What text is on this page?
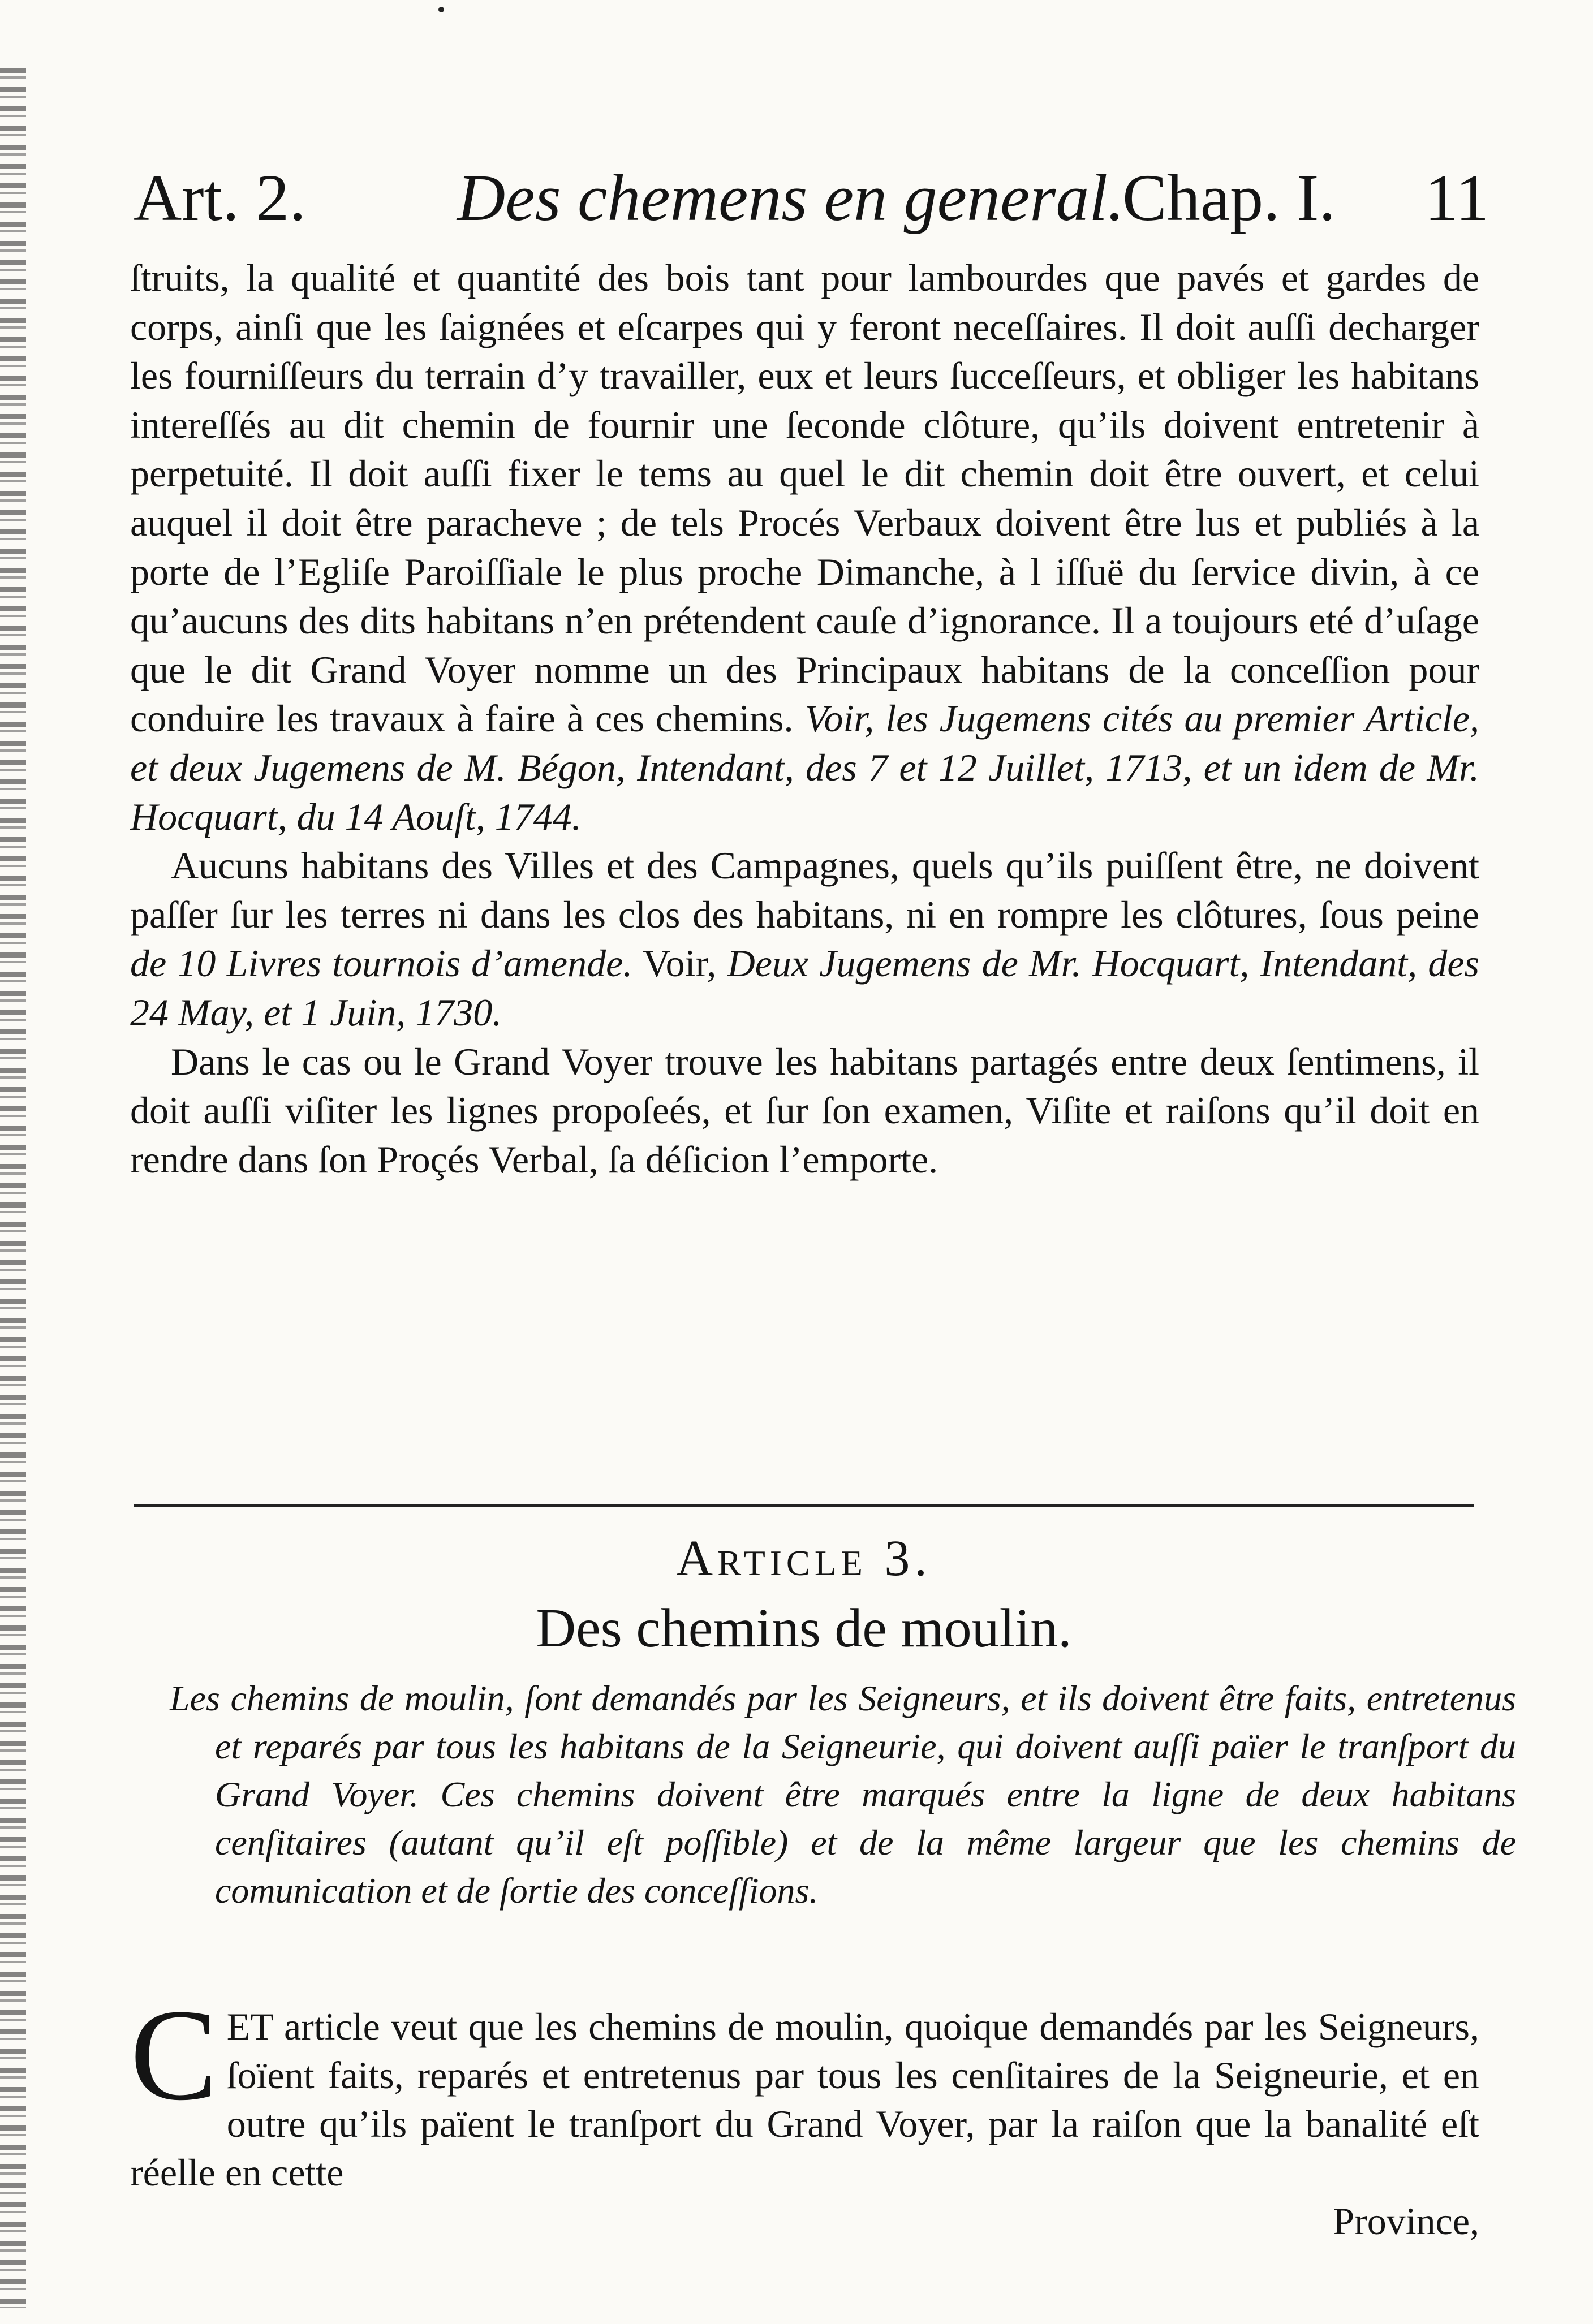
Art. 2. Des chemens en general.
Chap. I. 11

ſtruits, la qualité et quantité des bois tant pour lambourdes que pavés et gardes de corps, ainſi que les ſaignées et eſcarpes qui y feront neceſſaires. Il doit auſſi decharger les fourniſſeurs du terrain d’y travailler, eux et leurs ſucceſſeurs, et obliger les habitans intereſſés au dit chemin de fournir une ſeconde clôture, qu’ils doivent entretenir à perpetuité. Il doit auſſi fixer le tems au quel le dit chemin doit être ouvert, et celui auquel il doit être paracheve ; de tels Procés Verbaux doivent être lus et publiés à la porte de l’Egliſe Paroiſſiale le plus proche Dimanche, à l iſſuë du ſervice divin, à ce qu’aucuns des dits habitans n’en prétendent cauſe d’ignorance. Il a toujours eté d’uſage que le dit Grand Voyer nomme un des Principaux habitans de la conceſſion pour conduire les travaux à faire à ces chemins. Voir, les Jugemens cités au premier Article, et deux Jugemens de M. Bégon, Intendant, des 7 et 12 Juillet, 1713, et un idem de Mr. Hocquart, du 14 Aouſt, 1744.

Aucuns habitans des Villes et des Campagnes, quels qu’ils puiſſent être, ne doivent paſſer ſur les terres ni dans les clos des habitans, ni en rompre les clôtures, ſous peine de 10 Livres tournois d’amende. Voir, Deux Jugemens de Mr. Hocquart, Intendant, des 24 May, et 1 Juin, 1730.

Dans le cas ou le Grand Voyer trouve les habitans partagés entre deux ſentimens, il doit auſſi viſiter les lignes propoſeés, et ſur ſon examen, Viſite et raiſons qu’il doit en rendre dans ſon Proçés Verbal, ſa déſicion l’emporte.

Article 3.
Des chemins de moulin.
Les chemins de moulin, ſont demandés par les Seigneurs, et ils doivent être faits, entretenus et reparés par tous les habitans de la Seigneurie, qui doivent auſſi païer le tranſport du Grand Voyer. Ces chemins doivent être marqués entre la ligne de deux habitans cenſitaires (autant qu’il eſt poſſible) et de la même largeur que les chemins de comunication et de ſortie des conceſſions.
C ET article veut que les chemins de moulin, quoique demandés par les Seigneurs, ſoïent faits, reparés et entretenus par tous les cenſitaires de la Seigneurie, et en outre qu’ils païent le tranſport du Grand Voyer, par la raiſon que la banalité eſt réelle en cette
Province,
